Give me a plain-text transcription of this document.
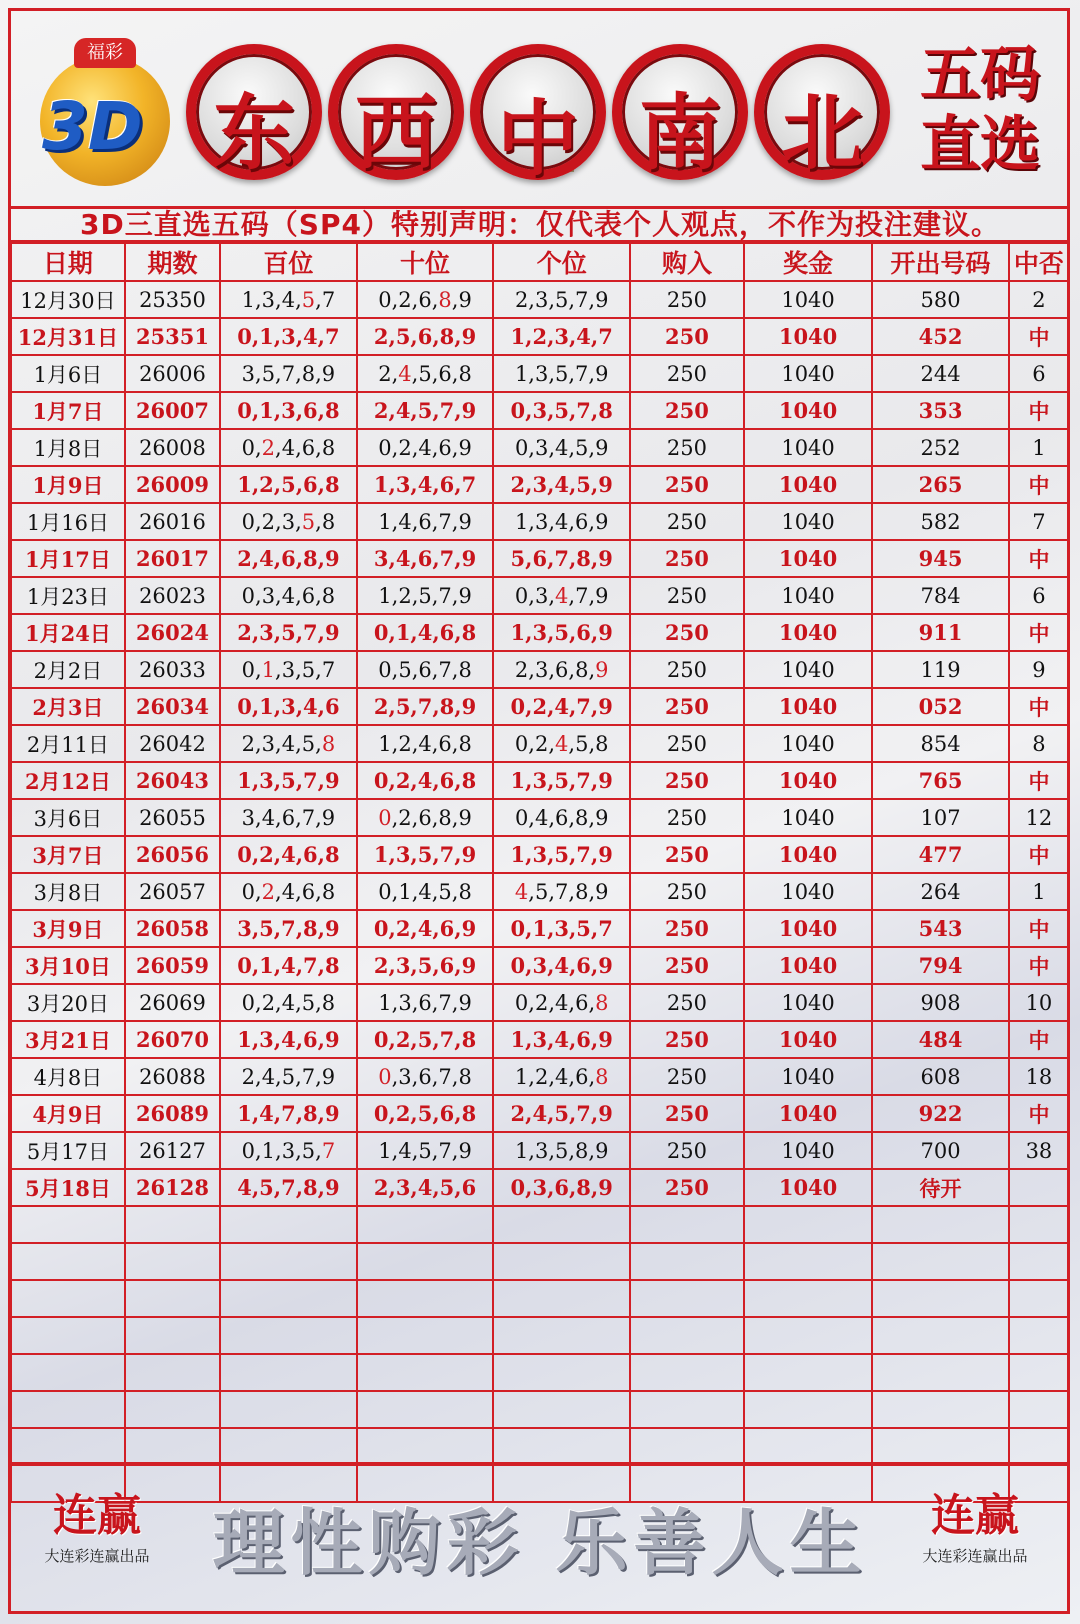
福彩
3D 东 西 中 南 北
五码
直选
3D三直选五码（SP4）特别声明：仅代表个人观点，不作为投注建议。
日期	期数	百位	十位	个位	购入	奖金	开出号码	中否
12月30日	25350	1,3,4,5,7	0,2,6,8,9	2,3,5,7,9	250	1040	580	2
12月31日	25351	0,1,3,4,7	2,5,6,8,9	1,2,3,4,7	250	1040	452	中
1月6日	26006	3,5,7,8,9	2,4,5,6,8	1,3,5,7,9	250	1040	244	6
1月7日	26007	0,1,3,6,8	2,4,5,7,9	0,3,5,7,8	250	1040	353	中
1月8日	26008	0,2,4,6,8	0,2,4,6,9	0,3,4,5,9	250	1040	252	1
1月9日	26009	1,2,5,6,8	1,3,4,6,7	2,3,4,5,9	250	1040	265	中
1月16日	26016	0,2,3,5,8	1,4,6,7,9	1,3,4,6,9	250	1040	582	7
1月17日	26017	2,4,6,8,9	3,4,6,7,9	5,6,7,8,9	250	1040	945	中
1月23日	26023	0,3,4,6,8	1,2,5,7,9	0,3,4,7,9	250	1040	784	6
1月24日	26024	2,3,5,7,9	0,1,4,6,8	1,3,5,6,9	250	1040	911	中
2月2日	26033	0,1,3,5,7	0,5,6,7,8	2,3,6,8,9	250	1040	119	9
2月3日	26034	0,1,3,4,6	2,5,7,8,9	0,2,4,7,9	250	1040	052	中
2月11日	26042	2,3,4,5,8	1,2,4,6,8	0,2,4,5,8	250	1040	854	8
2月12日	26043	1,3,5,7,9	0,2,4,6,8	1,3,5,7,9	250	1040	765	中
3月6日	26055	3,4,6,7,9	0,2,6,8,9	0,4,6,8,9	250	1040	107	12
3月7日	26056	0,2,4,6,8	1,3,5,7,9	1,3,5,7,9	250	1040	477	中
3月8日	26057	0,2,4,6,8	0,1,4,5,8	4,5,7,8,9	250	1040	264	1
3月9日	26058	3,5,7,8,9	0,2,4,6,9	0,1,3,5,7	250	1040	543	中
3月10日	26059	0,1,4,7,8	2,3,5,6,9	0,3,4,6,9	250	1040	794	中
3月20日	26069	0,2,4,5,8	1,3,6,7,9	0,2,4,6,8	250	1040	908	10
3月21日	26070	1,3,4,6,9	0,2,5,7,8	1,3,4,6,9	250	1040	484	中
4月8日	26088	2,4,5,7,9	0,3,6,7,8	1,2,4,6,8	250	1040	608	18
4月9日	26089	1,4,7,8,9	0,2,5,6,8	2,4,5,7,9	250	1040	922	中
5月17日	26127	0,1,3,5,7	1,4,5,7,9	1,3,5,8,9	250	1040	700	38
5月18日	26128	4,5,7,8,9	2,3,4,5,6	0,3,6,8,9	250	1040	待开	

连赢
大连彩连赢出品 理性购彩 乐善人生	连赢
大连彩连赢出品
